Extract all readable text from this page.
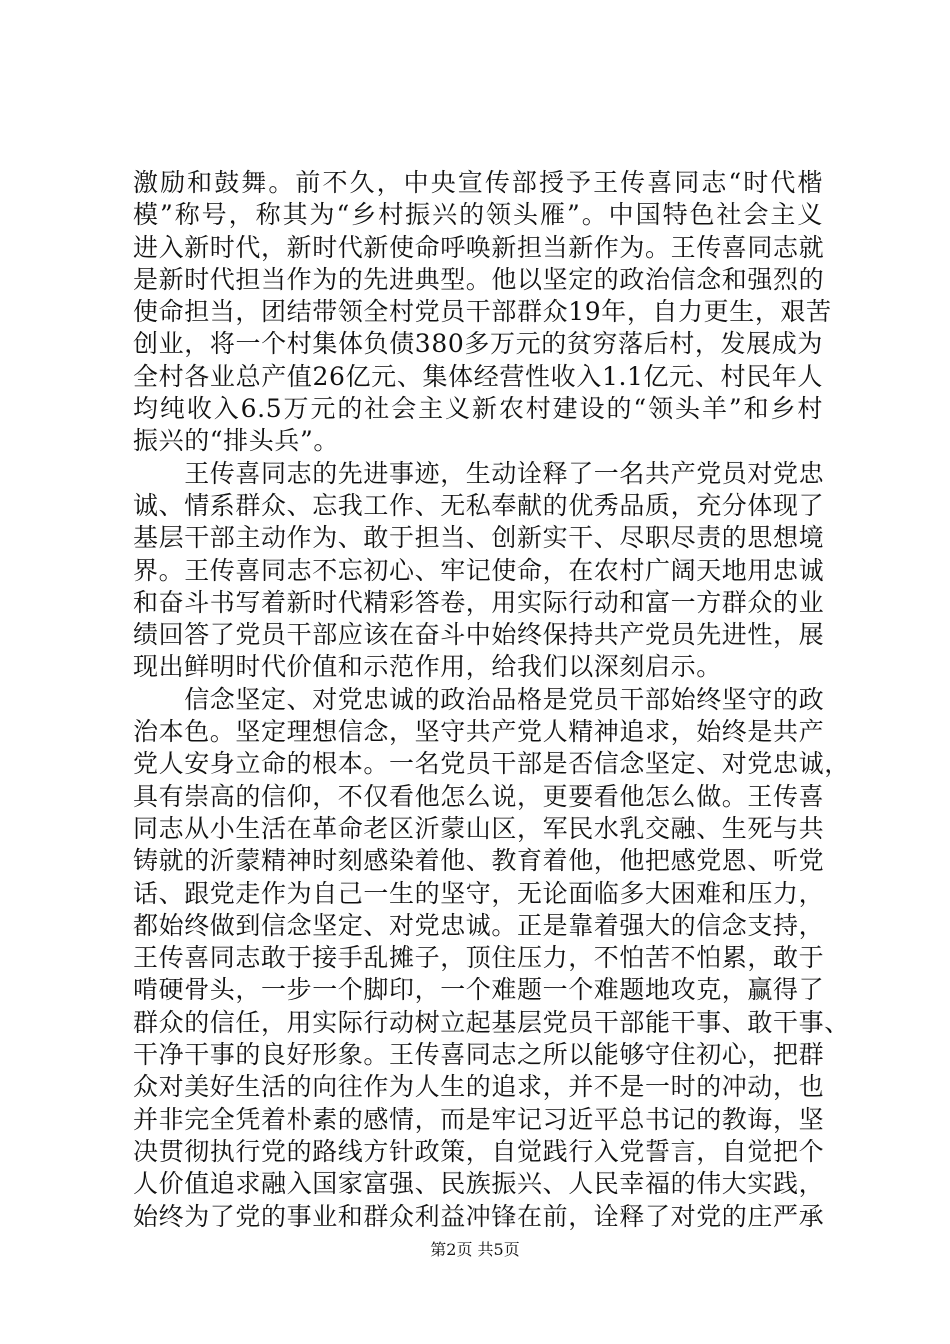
激励和鼓舞。前不久，中央宣传部授予王传喜同志“时代楷
模”称号，称其为“乡村振兴的领头雁”。中国特色社会主义
进入新时代，新时代新使命呼唤新担当新作为。王传喜同志就
是新时代担当作为的先进典型。他以坚定的政治信念和强烈的
使命担当，团结带领全村党员干部群众19年，自力更生，艰苦
创业，将一个村集体负债380多万元的贫穷落后村，发展成为
全村各业总产值26亿元、集体经营性收入1.1亿元、村民年人
均纯收入6.5万元的社会主义新农村建设的“领头羊”和乡村
振兴的“排头兵”。
　　王传喜同志的先进事迹，生动诠释了一名共产党员对党忠
诚、情系群众、忘我工作、无私奉献的优秀品质，充分体现了
基层干部主动作为、敢于担当、创新实干、尽职尽责的思想境
界。王传喜同志不忘初心、牢记使命，在农村广阔天地用忠诚
和奋斗书写着新时代精彩答卷，用实际行动和富一方群众的业
绩回答了党员干部应该在奋斗中始终保持共产党员先进性，展
现出鲜明时代价值和示范作用，给我们以深刻启示。
　　信念坚定、对党忠诚的政治品格是党员干部始终坚守的政
治本色。坚定理想信念，坚守共产党人精神追求，始终是共产
党人安身立命的根本。一名党员干部是否信念坚定、对党忠诚，
具有崇高的信仰，不仅看他怎么说，更要看他怎么做。王传喜
同志从小生活在革命老区沂蒙山区，军民水乳交融、生死与共
铸就的沂蒙精神时刻感染着他、教育着他，他把感党恩、听党
话、跟党走作为自己一生的坚守，无论面临多大困难和压力，
都始终做到信念坚定、对党忠诚。正是靠着强大的信念支持，
王传喜同志敢于接手乱摊子，顶住压力，不怕苦不怕累，敢于
啃硬骨头，一步一个脚印，一个难题一个难题地攻克，赢得了
群众的信任，用实际行动树立起基层党员干部能干事、敢干事、
干净干事的良好形象。王传喜同志之所以能够守住初心，把群
众对美好生活的向往作为人生的追求，并不是一时的冲动，也
并非完全凭着朴素的感情，而是牢记习近平总书记的教诲，坚
决贯彻执行党的路线方针政策，自觉践行入党誓言，自觉把个
人价值追求融入国家富强、民族振兴、人民幸福的伟大实践，
始终为了党的事业和群众利益冲锋在前，诠释了对党的庄严承
第2页 共5页
